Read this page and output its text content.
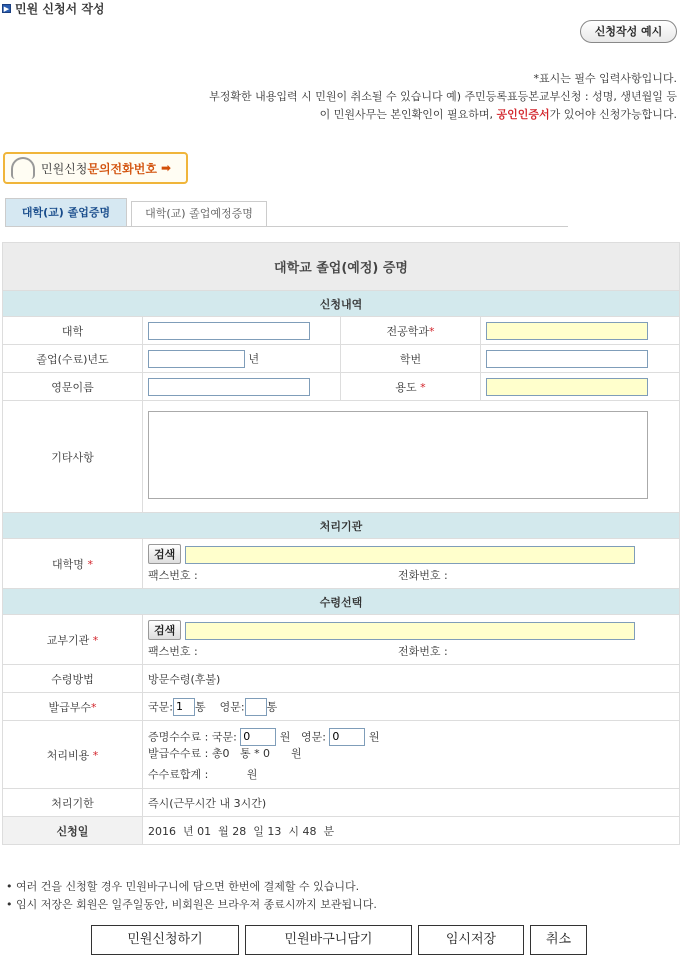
▶ 민원 신청서 작성
신청작성 예시
*표시는 필수 입력사항입니다.
부정확한 내용입력 시 민원이 취소될 수 있습니다 예) 주민등록표등본교부신청 : 성명, 생년월일 등
이 민원사무는 본인확인이 필요하며, 공인인증서가 있어야 신청가능합니다.
민원신청 문의전화번호 ➡
대학(교) 졸업증명	대학(교) 졸업예정증명
대학교 졸업(예정) 증명			
신청내역			
대학		전공학과*	
졸업(수료)년도	년	학번	
영문이름		용도 *	
기타사항	
처리기관			
대학명 *	검색
팩스번호 : 전화번호 :		

수령선택			
교부기관 *	검색
팩스번호 : 전화번호 :		

수령방법	방문수령(후불)		
발급부수*	국문:1 통 영문: 통
처리비용 *	증명수수료 : 국문: 0 원 영문: 0 원
발급수수료 : 총0   통 * 0      원
수수료합계 :           원

처리기한	즉시(근무시간 내 3시간)		
신청일	2016  년 01  월 28  일 13  시 48  분		
• 여러 건을 신청할 경우 민원바구니에 담으면 한번에 결제할 수 있습니다.
• 임시 저장은 회원은 일주일동안, 비회원은 브라우져 종료시까지 보관됩니다.
민원신청하기	민원바구니담기	임시저장	취소
